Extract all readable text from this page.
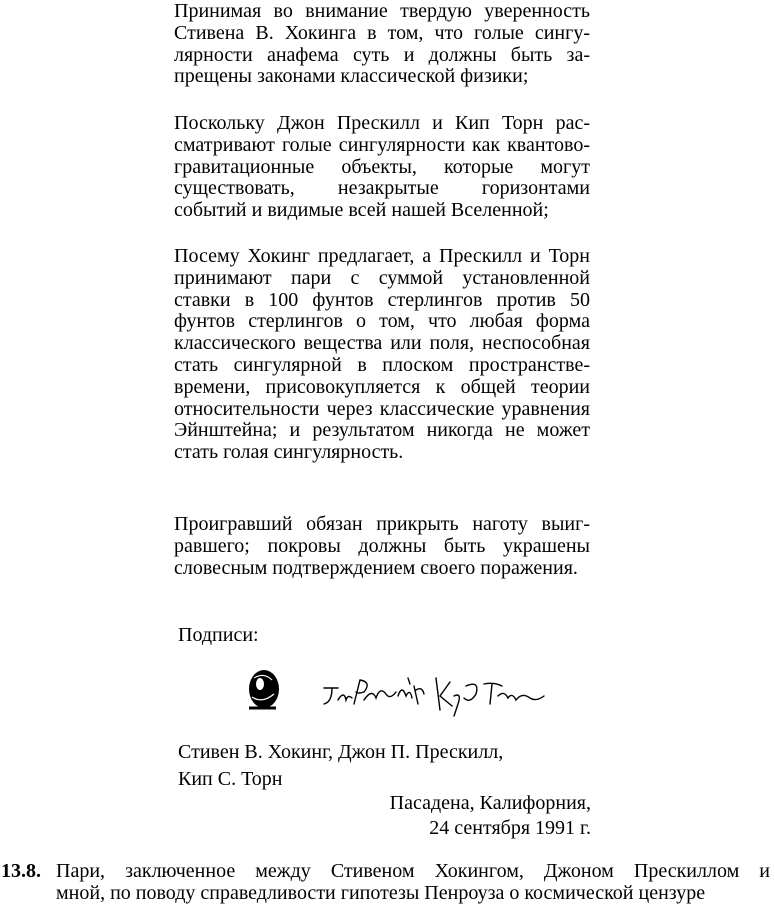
Принимая во внимание твердую уверенность Стивена В. Хокинга в том, что голые сингулярности анафема суть и должны быть запрещены законами классической физики;

Поскольку Джон Прескилл и Кип Торн рассматривают голые сингулярности как квантово-гравитационные объекты, которые могут существовать, незакрытые горизонтами событий и видимые всей нашей Вселенной;

Посему Хокинг предлагает, а Прескилл и Торн принимают пари с суммой установленной ставки в 100 фунтов стерлингов против 50 фунтов стерлингов о том, что любая форма классического вещества или поля, неспособная стать сингулярной в плоском пространстве-времени, присовокупляется к общей теории относительности через классические уравнения Эйнштейна; и результатом никогда не может стать голая сингулярность.

Проигравший обязан прикрыть наготу выигравшего; покровы должны быть украшены словесным подтверждением своего поражения.

Подписи:
Стивен В. Хокинг, Джон П. Прескилл,
Кип С. Торн
Пасадена, Калифорния,
24 сентября 1991 г.
13.8. Пари, заключенное между Стивеном Хокингом, Джоном Прескиллом и
мной, по поводу справедливости гипотезы Пенроуза о космической цензуре
